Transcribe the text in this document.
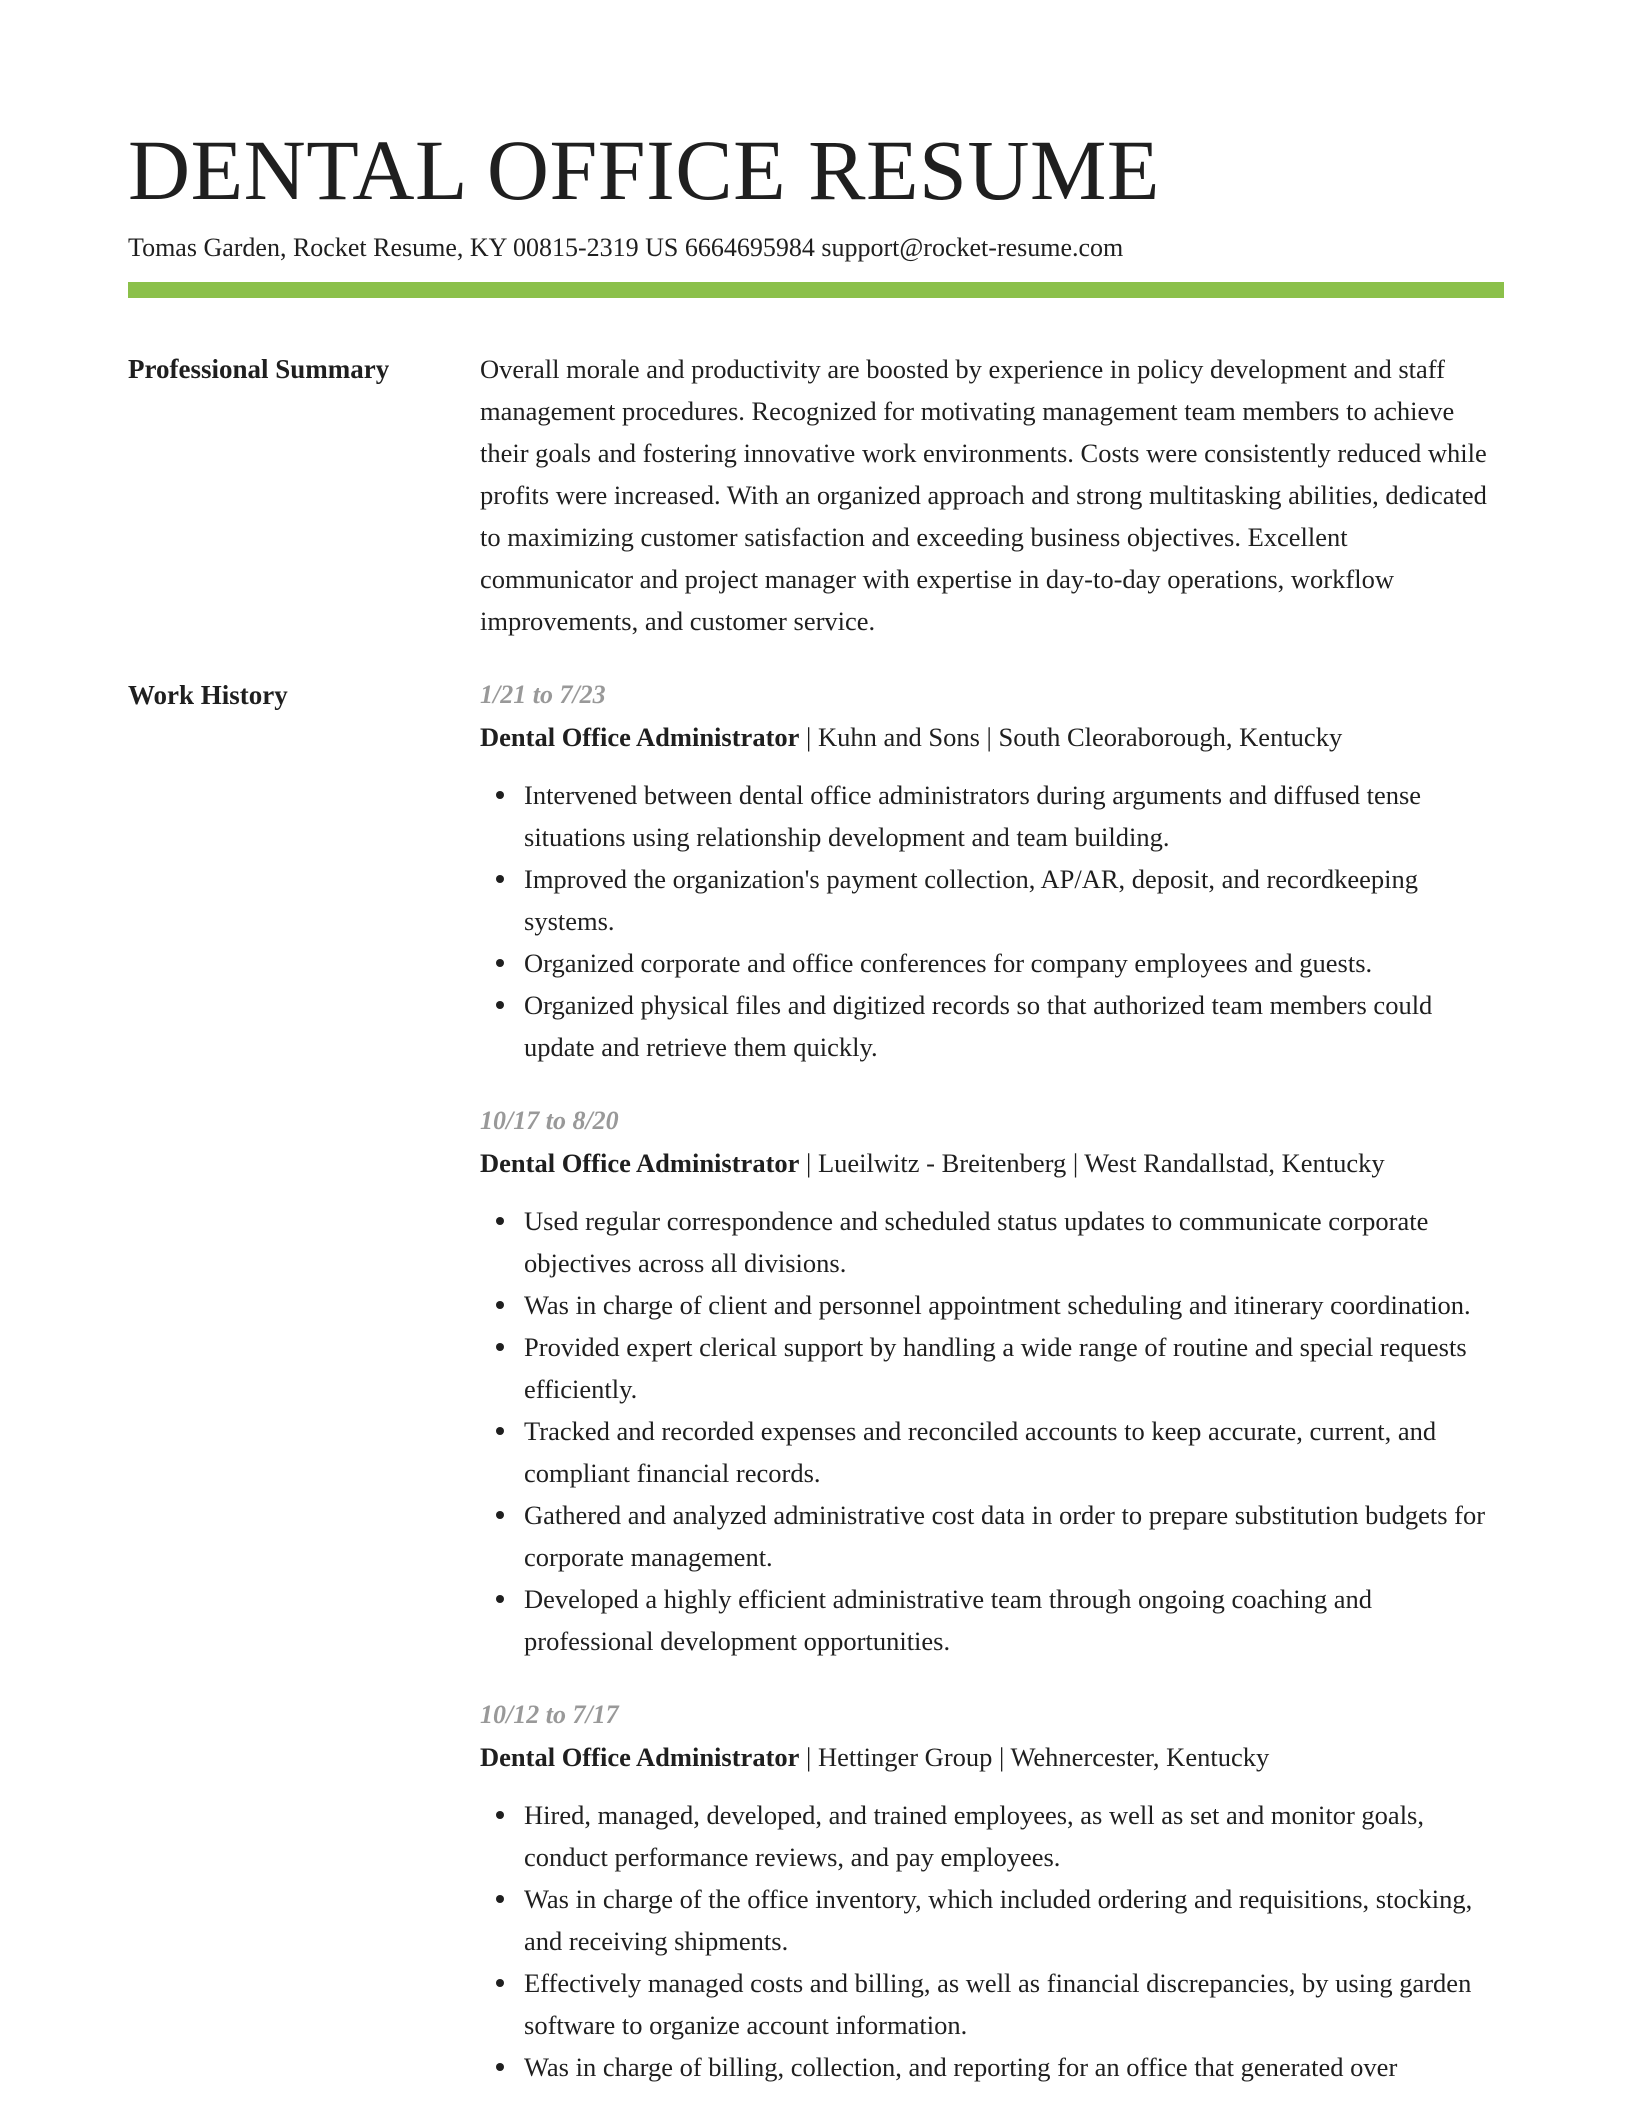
DENTAL OFFICE RESUME
Tomas Garden, Rocket Resume, KY 00815-2319 US 6664695984 support@rocket-resume.com
Professional Summary	Overall morale and productivity are boosted by experience in policy development and staff management procedures. Recognized for motivating management team members to achieve their goals and fostering innovative work environments. Costs were consistently reduced while profits were increased. With an organized approach and strong multitasking abilities, dedicated to maximizing customer satisfaction and exceeding business objectives. Excellent communicator and project manager with expertise in day-to-day operations, workflow improvements, and customer service.

Work History	1/21 to 7/23
Dental Office Administrator | Kuhn and Sons | South Cleoraborough, Kentucky
Intervened between dental office administrators during arguments and diffused tense situations using relationship development and team building.
Improved the organization's payment collection, AP/AR, deposit, and recordkeeping systems.
Organized corporate and office conferences for company employees and guests.
Organized physical files and digitized records so that authorized team members could update and retrieve them quickly.
10/17 to 8/20
Dental Office Administrator | Lueilwitz - Breitenberg | West Randallstad, Kentucky
Used regular correspondence and scheduled status updates to communicate corporate objectives across all divisions.
Was in charge of client and personnel appointment scheduling and itinerary coordination.
Provided expert clerical support by handling a wide range of routine and special requests efficiently.
Tracked and recorded expenses and reconciled accounts to keep accurate, current, and compliant financial records.
Gathered and analyzed administrative cost data in order to prepare substitution budgets for corporate management.
Developed a highly efficient administrative team through ongoing coaching and professional development opportunities.
10/12 to 7/17
Dental Office Administrator | Hettinger Group | Wehnercester, Kentucky
Hired, managed, developed, and trained employees, as well as set and monitor goals, conduct performance reviews, and pay employees.
Was in charge of the office inventory, which included ordering and requisitions, stocking, and receiving shipments.
Effectively managed costs and billing, as well as financial discrepancies, by using garden software to organize account information.
Was in charge of billing, collection, and reporting for an office that generated over
